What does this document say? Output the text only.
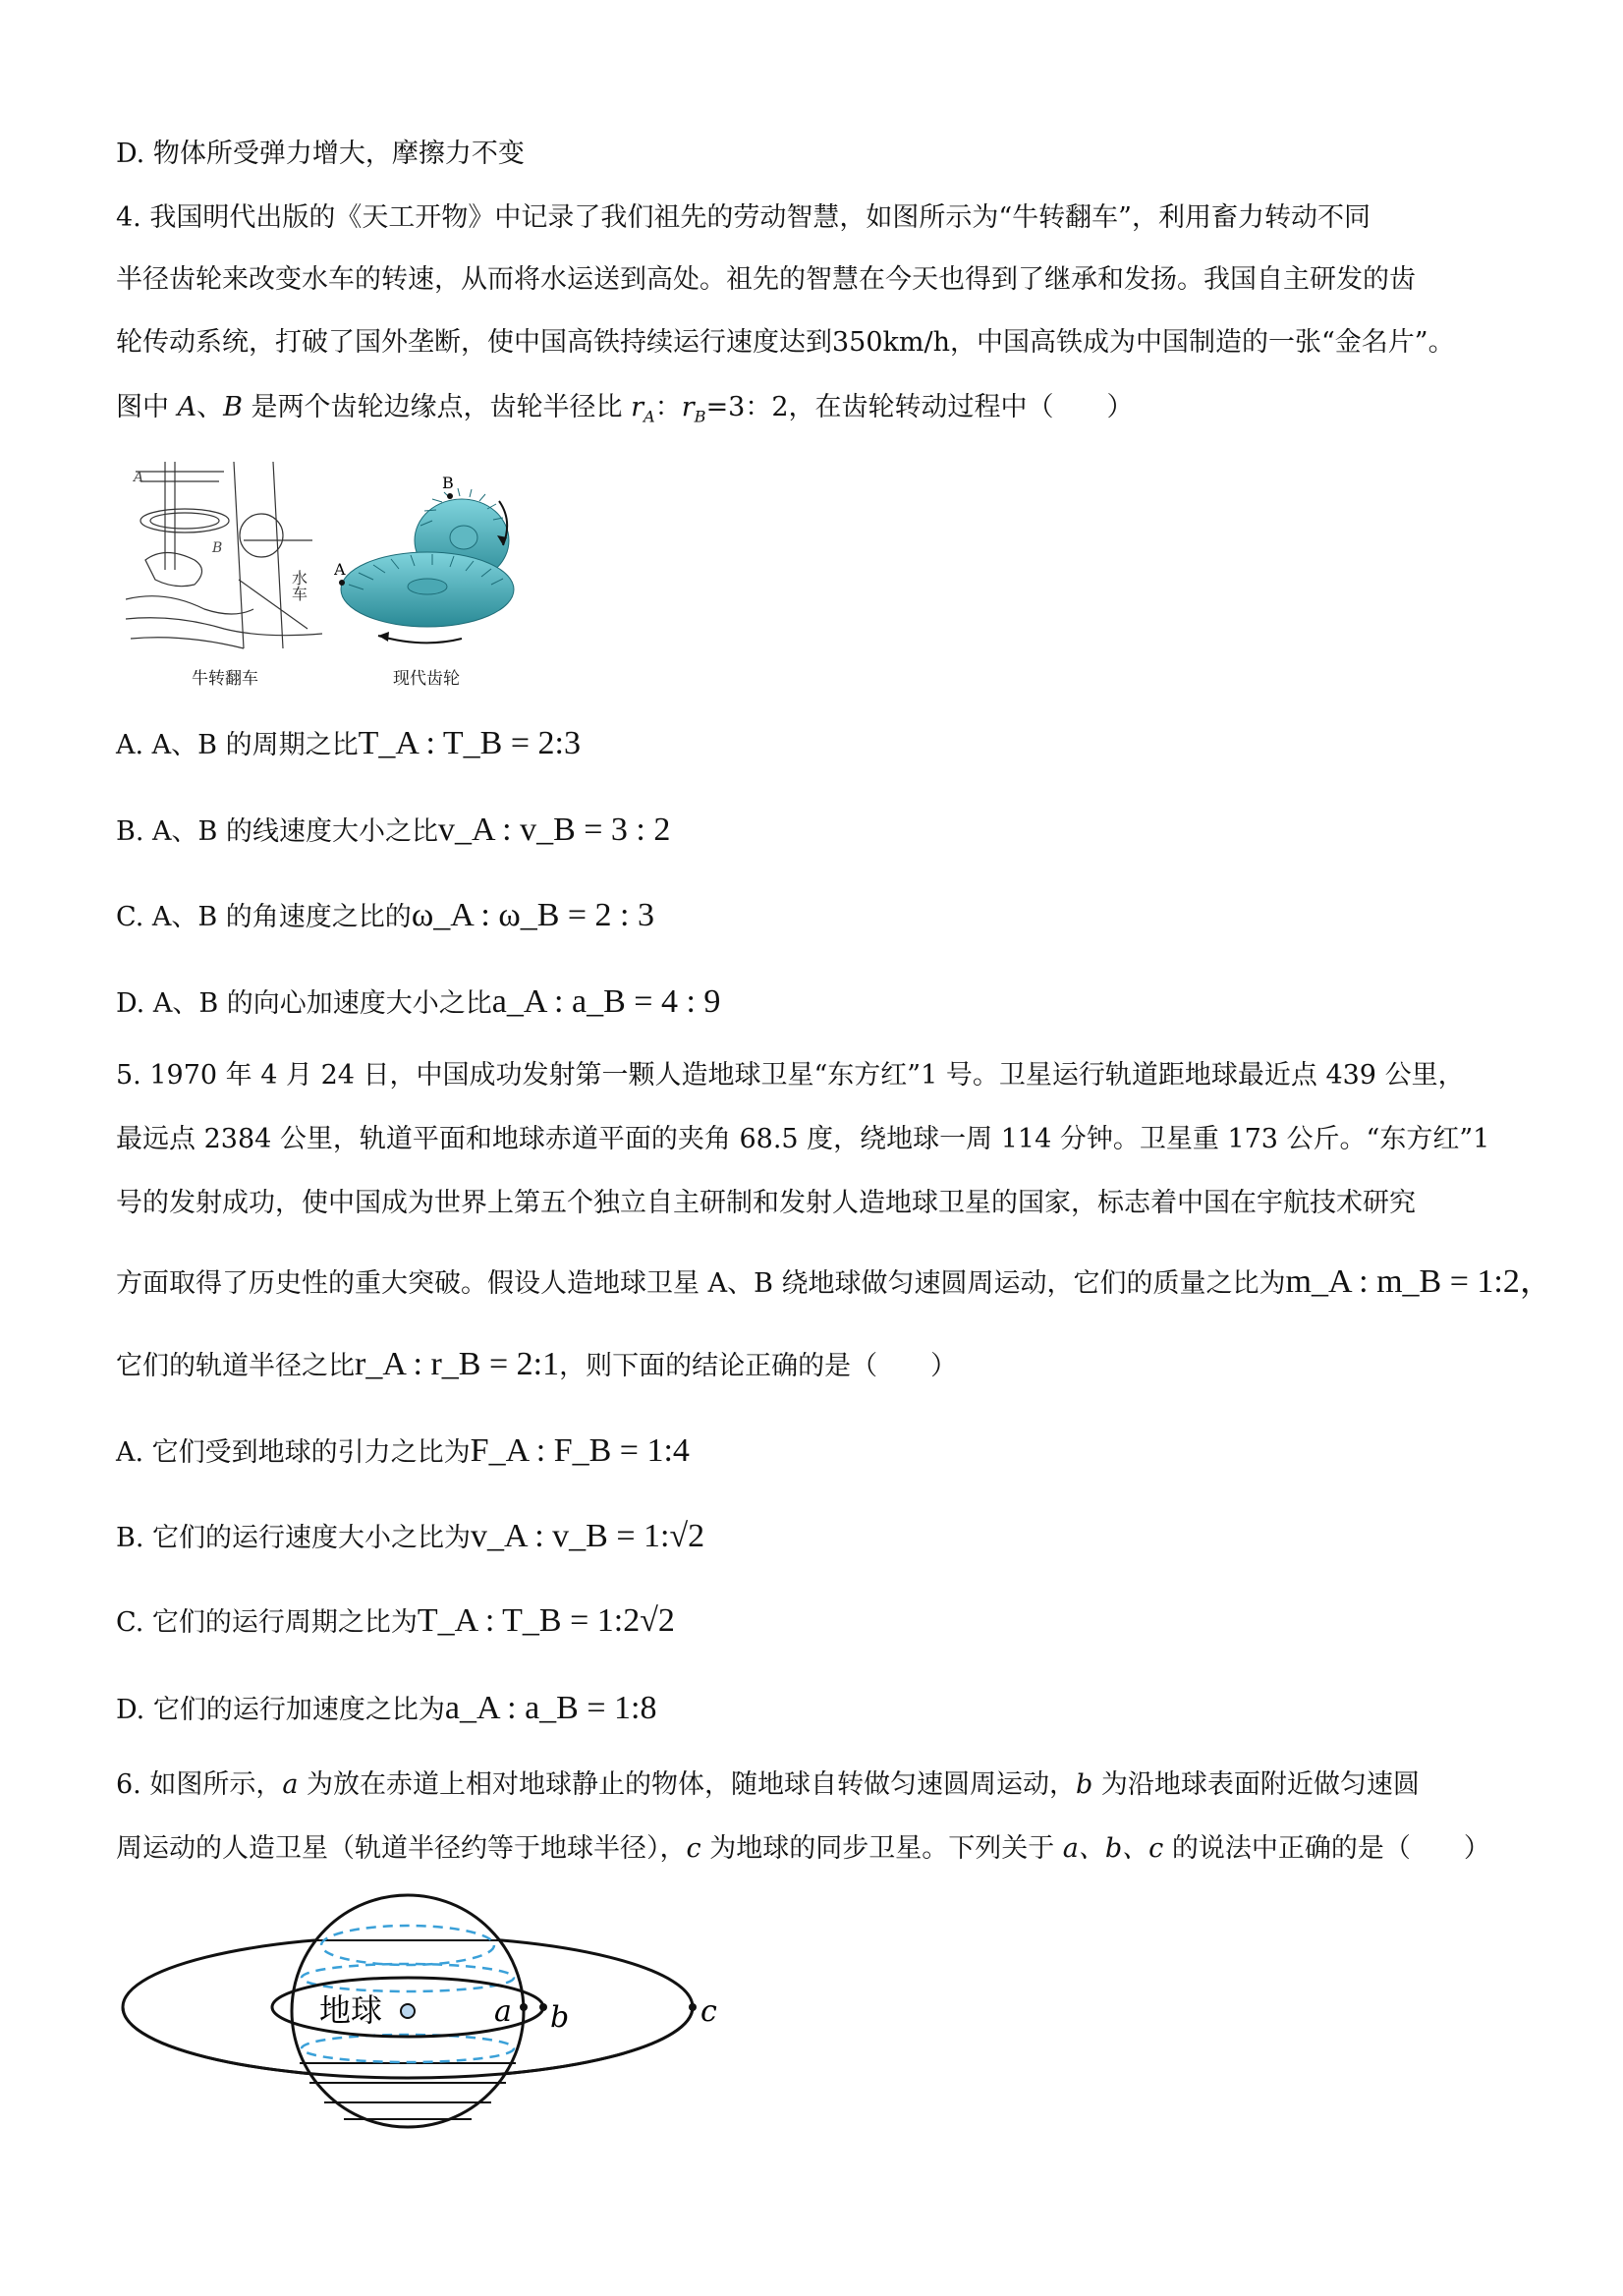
D. 物体所受弹力增大，摩擦力不变
4. 我国明代出版的《天工开物》中记录了我们祖先的劳动智慧，如图所示为“牛转翻车”，利用畜力转动不同
半径齿轮来改变水车的转速，从而将水运送到高处。祖先的智慧在今天也得到了继承和发扬。我国自主研发的齿
轮传动系统，打破了国外垄断，使中国高铁持续运行速度达到350km/h，中国高铁成为中国制造的一张“金名片”。
图中 A、B 是两个齿轮边缘点，齿轮半径比 $r_A$：$r_B=3$：2，在齿轮转动过程中（　　）
A
B
水车
牛转翻车
A
B
现代齿轮
A. A、B 的周期之比T_A : T_B = 2:3
B. A、B 的线速度大小之比v_A : v_B = 3 : 2
C. A、B 的角速度之比的ω_A : ω_B = 2 : 3
D. A、B 的向心加速度大小之比a_A : a_B = 4 : 9
5. 1970 年 4 月 24 日，中国成功发射第一颗人造地球卫星“东方红”1 号。卫星运行轨道距地球最近点 439 公里，
最远点 2384 公里，轨道平面和地球赤道平面的夹角 68.5 度，绕地球一周 114 分钟。卫星重 173 公斤。“东方红”1
号的发射成功，使中国成为世界上第五个独立自主研制和发射人造地球卫星的国家，标志着中国在宇航技术研究
方面取得了历史性的重大突破。假设人造地球卫星 A、B 绕地球做匀速圆周运动，它们的质量之比为m_A : m_B = 1:2，
它们的轨道半径之比r_A : r_B = 2:1，则下面的结论正确的是（　　）
A. 它们受到地球的引力之比为F_A : F_B = 1:4
B. 它们的运行速度大小之比为v_A : v_B = 1:√2
C. 它们的运行周期之比为T_A : T_B = 1:2√2
D. 它们的运行加速度之比为a_A : a_B = 1:8
6. 如图所示，a 为放在赤道上相对地球静止的物体，随地球自转做匀速圆周运动，b 为沿地球表面附近做匀速圆
周运动的人造卫星（轨道半径约等于地球半径），c 为地球的同步卫星。下列关于 a、b、c 的说法中正确的是（　　）
地球	a b	c
